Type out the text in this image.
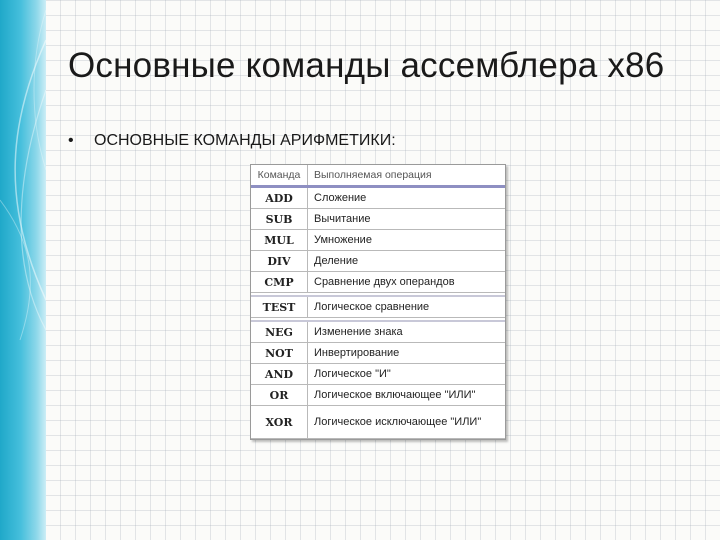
Основные команды ассемблера х86
• ОСНОВНЫЕ КОМАНДЫ АРИФМЕТИКИ:
Команда	Выполняемая операция
ADD	Сложение
SUB	Вычитание
MUL	Умножение
DIV	Деление
CMP	Сравнение двух операндов
TEST	Логическое сравнение
NEG	Изменение знака
NOT	Инвертирование
AND	Логическое "И"
OR	Логическое включающее "ИЛИ"
XOR	Логическое исключающее "ИЛИ"
